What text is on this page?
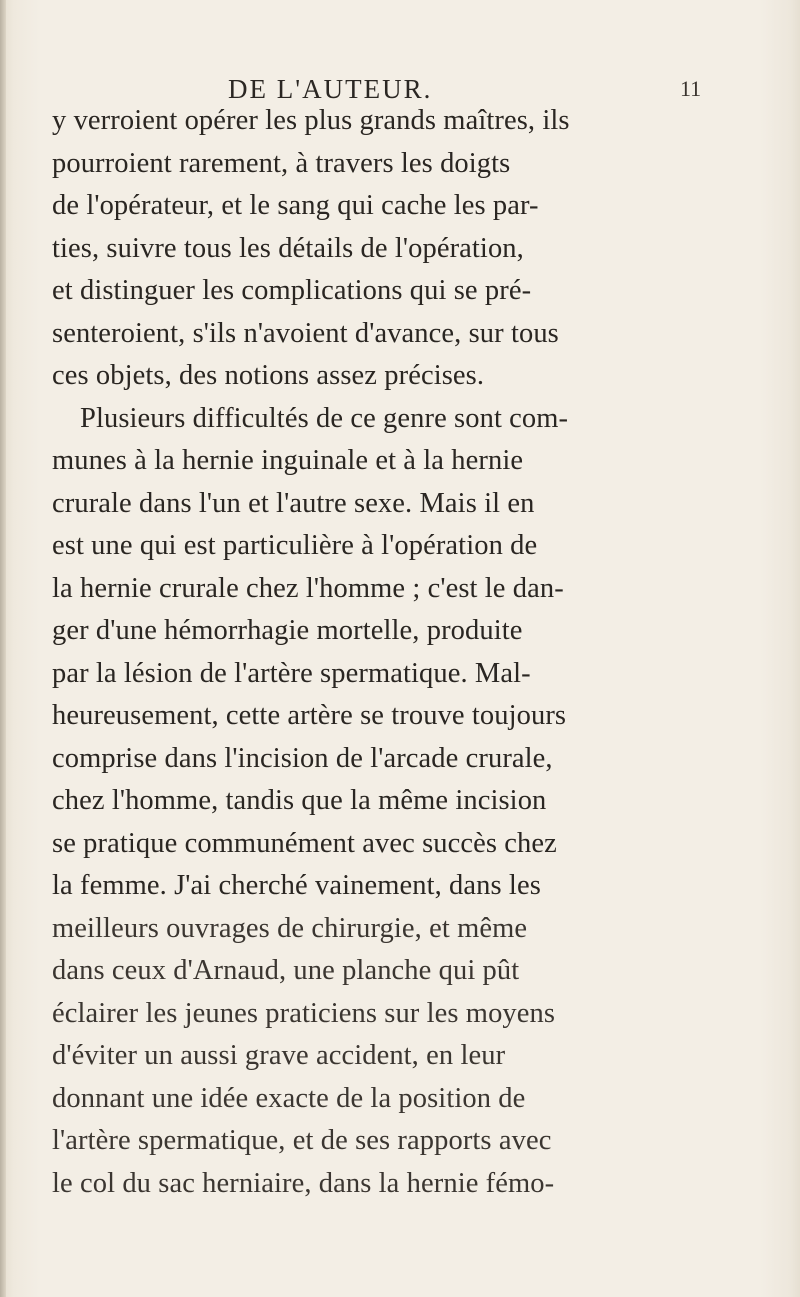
DE L'AUTEUR.	11
y verroient opérer les plus grands maîtres, ils
pourroient rarement, à travers les doigts
de l'opérateur, et le sang qui cache les par-
ties, suivre tous les détails de l'opération,
et distinguer les complications qui se pré-
senteroient, s'ils n'avoient d'avance, sur tous
ces objets, des notions assez précises.
Plusieurs difficultés de ce genre sont com-
munes à la hernie inguinale et à la hernie
crurale dans l'un et l'autre sexe. Mais il en
est une qui est particulière à l'opération de
la hernie crurale chez l'homme ; c'est le dan-
ger d'une hémorrhagie mortelle, produite
par la lésion de l'artère spermatique. Mal-
heureusement, cette artère se trouve toujours
comprise dans l'incision de l'arcade crurale,
chez l'homme, tandis que la même incision
se pratique communément avec succès chez
la femme. J'ai cherché vainement, dans les
meilleurs ouvrages de chirurgie, et même
dans ceux d'Arnaud, une planche qui pût
éclairer les jeunes praticiens sur les moyens
d'éviter un aussi grave accident, en leur
donnant une idée exacte de la position de
l'artère spermatique, et de ses rapports avec
le col du sac herniaire, dans la hernie fémo-
